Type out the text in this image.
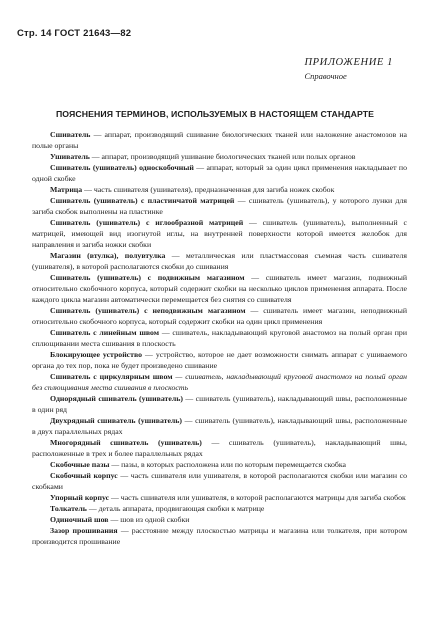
Стр. 14 ГОСТ 21643—82
ПРИЛОЖЕНИЕ 1
Справочное
ПОЯСНЕНИЯ ТЕРМИНОВ, ИСПОЛЬЗУЕМЫХ В НАСТОЯЩЕМ СТАНДАРТЕ

Сшиватель — аппарат, производящий сшивание биологических тканей или наложение анастомозов на полые органы

Ушиватель — аппарат, производящий ушивание биологических тканей или полых органов

Сшиватель (ушиватель) односкобочный — аппарат, который за один цикл применения накладывает по одной скобке

Матрица — часть сшивателя (ушивателя), предназначенная для загиба ножек скобок

Сшиватель (ушиватель) с пластинчатой матрицей — сшиватель (ушиватель), у которого лунки для загиба скобок выполнены на пластинке

Сшиватель (ушиватель) с иглообразной матрицей — сшиватель (ушиватель), выполненный с матрицей, имеющей вид изогнутой иглы, на внутренней поверхности которой имеется желобок для направления и загиба ножки скобки

Магазин (втулка), полувтулка — металлическая или пластмассовая съемная часть сшивателя (ушивателя), в которой располагаются скобки до сшивания

Сшиватель (ушиватель) с подвижным магазином — сшиватель имеет магазин, подвижный относительно скобочного корпуса, который содержит скобки на несколько циклов применения аппарата. После каждого цикла магазин автоматически перемещается без снятия со сшивателя

Сшиватель (ушиватель) с неподвижным магазином — сшиватель имеет магазин, неподвижный относительно скобочного корпуса, который содержит скобки на один цикл применения

Сшиватель с линейным швом — сшиватель, накладывающий круговой анастомоз на полый орган при сплющивании места сшивания в плоскость

Блокирующее устройство — устройство, которое не дает возможности снимать аппарат с ушиваемого органа до тех пор, пока не будет произведено сшивание

Сшиватель с циркулярным швом — сшиватель, накладывающий круговой анастомоз на полый орган без сплющивания места сшивания в плоскость

Однорядный сшиватель (ушиватель) — сшиватель (ушиватель), накладывающий швы, расположенные в один ряд

Двухрядный сшиватель (ушиватель) — сшиватель (ушиватель), накладывающий швы, расположенные в двух параллельных рядах

Многорядный сшиватель (ушиватель) — сшиватель (ушиватель), накладывающий швы, расположенные в трех и более параллельных рядах

Скобочные пазы — пазы, в которых расположена или по которым перемещается скобка

Скобочный корпус — часть сшивателя или ушивателя, в которой располагаются скобки или магазин со скобками

Упорный корпус — часть сшивателя или ушивателя, в которой располагаются матрицы для загиба скобок

Толкатель — деталь аппарата, продвигающая скобки к матрице

Одиночный шов — шов из одной скобки

Зазор прошивания — расстояние между плоскостью матрицы и магазина или толкателя, при котором производится прошивание
